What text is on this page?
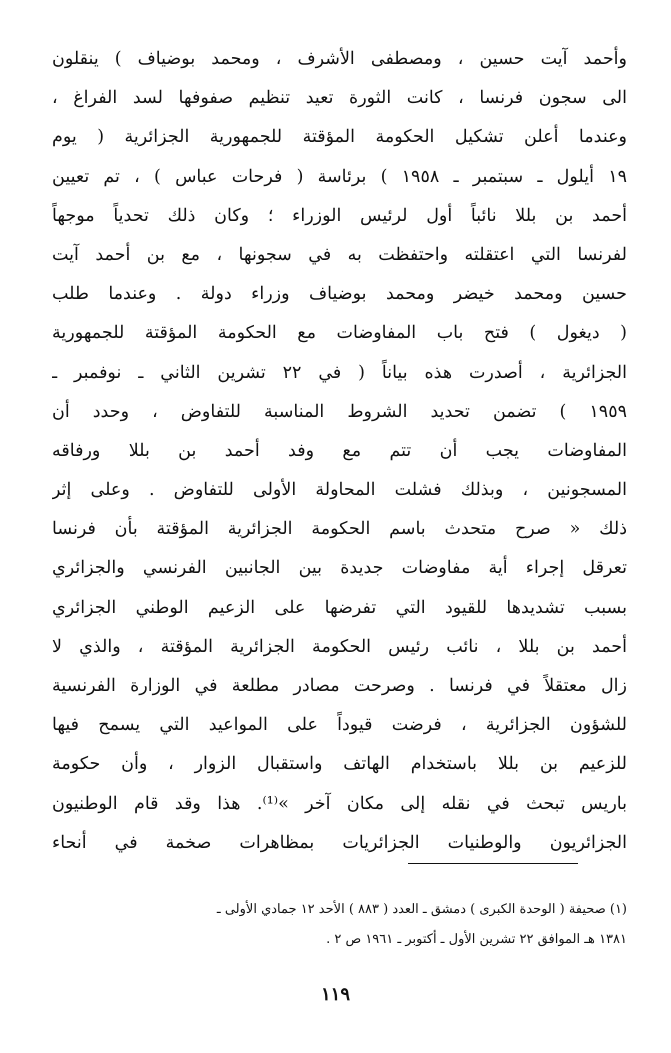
وأحمد آيت حسين ، ومصطفى الأشرف ، ومحمد بوضياف ) ينقلون
الى سجون فرنسا ، كانت الثورة تعيد تنظيم صفوفها لسد الفراغ ،
وعندما أعلن تشكيل الحكومة المؤقتة للجمهورية الجزائرية ( يوم
١٩ أيلول ـ سبتمبر ـ ١٩٥٨ ) برئاسة ( فرحات عباس ) ، تم تعيين
أحمد بن بللا نائباً أول لرئيس الوزراء ؛ وكان ذلك تحدياً موجهاً
لفرنسا التي اعتقلته واحتفظت به في سجونها ، مع بن أحمد آيت
حسين ومحمد خيضر ومحمد بوضياف وزراء دولة . وعندما طلب
( ديغول ) فتح باب المفاوضات مع الحكومة المؤقتة للجمهورية
الجزائرية ، أصدرت هذه بياناً ( في ٢٢ تشرين الثاني ـ نوفمبر ـ
١٩٥٩ ) تضمن تحديد الشروط المناسبة للتفاوض ، وحدد أن
المفاوضات يجب أن تتم مع وفد أحمد بن بللا ورفاقه
المسجونين ، وبذلك فشلت المحاولة الأولى للتفاوض . وعلى إثر
ذلك « صرح متحدث باسم الحكومة الجزائرية المؤقتة بأن فرنسا
تعرقل إجراء أية مفاوضات جديدة بين الجانبين الفرنسي والجزائري
بسبب تشديدها للقيود التي تفرضها على الزعيم الوطني الجزائري
أحمد بن بللا ، نائب رئيس الحكومة الجزائرية المؤقتة ، والذي لا
زال معتقلاً في فرنسا . وصرحت مصادر مطلعة في الوزارة الفرنسية
للشؤون الجزائرية ، فرضت قيوداً على المواعيد التي يسمح فيها
للزعيم بن بللا باستخدام الهاتف واستقبال الزوار ، وأن حكومة
باريس تبحث في نقله إلى مكان آخر »⁽¹⁾. هذا وقد قام الوطنيون
الجزائريون والوطنيات الجزائريات بمظاهرات صخمة في أنحاء
(١) صحيفة ( الوحدة الكبرى ) دمشق ـ العدد ( ٨٨٣ ) الأحد ١٢ جمادي الأولى ـ
١٣٨١ هـ الموافق ٢٢ تشرين الأول ـ أكتوبر ـ ١٩٦١ ص ٢ .
١١٩
